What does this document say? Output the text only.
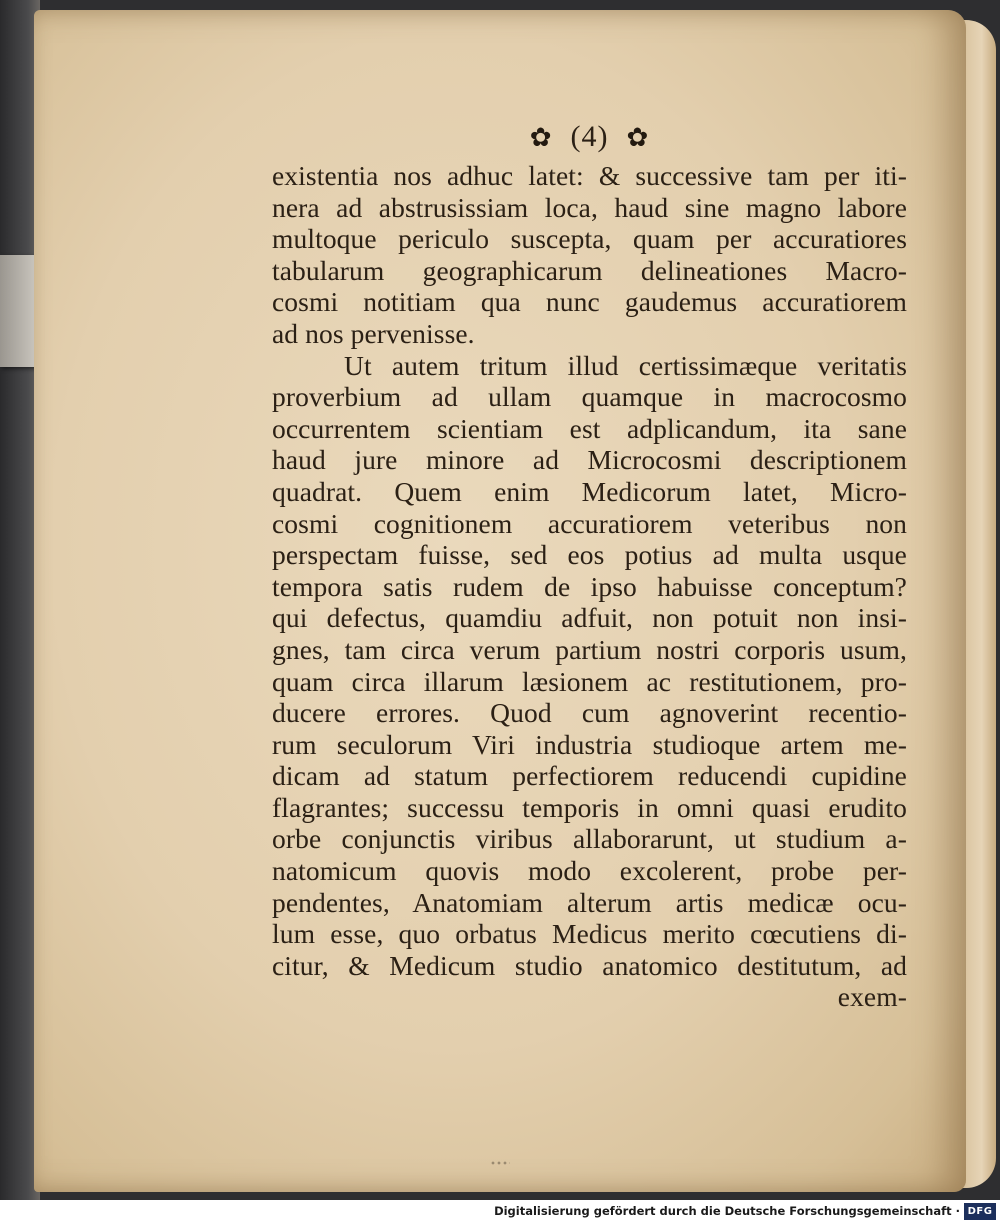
✿ (4) ✿
existentia nos adhuc latet: & successive tam per iti-
nera ad abstrusissiam loca, haud sine magno labore
multoque periculo suscepta, quam per accuratiores
tabularum geographicarum delineationes Macro-
cosmi notitiam qua nunc gaudemus accuratiorem
ad nos pervenisse.
Ut autem tritum illud certissimæque veritatis
proverbium ad ullam quamque in macrocosmo
occurrentem scientiam est adplicandum, ita sane
haud jure minore ad Microcosmi descriptionem
quadrat. Quem enim Medicorum latet, Micro-
cosmi cognitionem accuratiorem veteribus non
perspectam fuisse, sed eos potius ad multa usque
tempora satis rudem de ipso habuisse conceptum?
qui defectus, quamdiu adfuit, non potuit non insi-
gnes, tam circa verum partium nostri corporis usum,
quam circa illarum læsionem ac restitutionem, pro-
ducere errores. Quod cum agnoverint recentio-
rum seculorum Viri industria studioque artem me-
dicam ad statum perfectiorem reducendi cupidine
flagrantes; successu temporis in omni quasi erudito
orbe conjunctis viribus allaborarunt, ut studium a-
natomicum quovis modo excolerent, probe per-
pendentes, Anatomiam alterum artis medicæ ocu-
lum esse, quo orbatus Medicus merito cœcutiens di-
citur, & Medicum studio anatomico destitutum, ad
exem-
Digitalisierung gefördert durch die Deutsche Forschungsgemeinschaft · DFG
